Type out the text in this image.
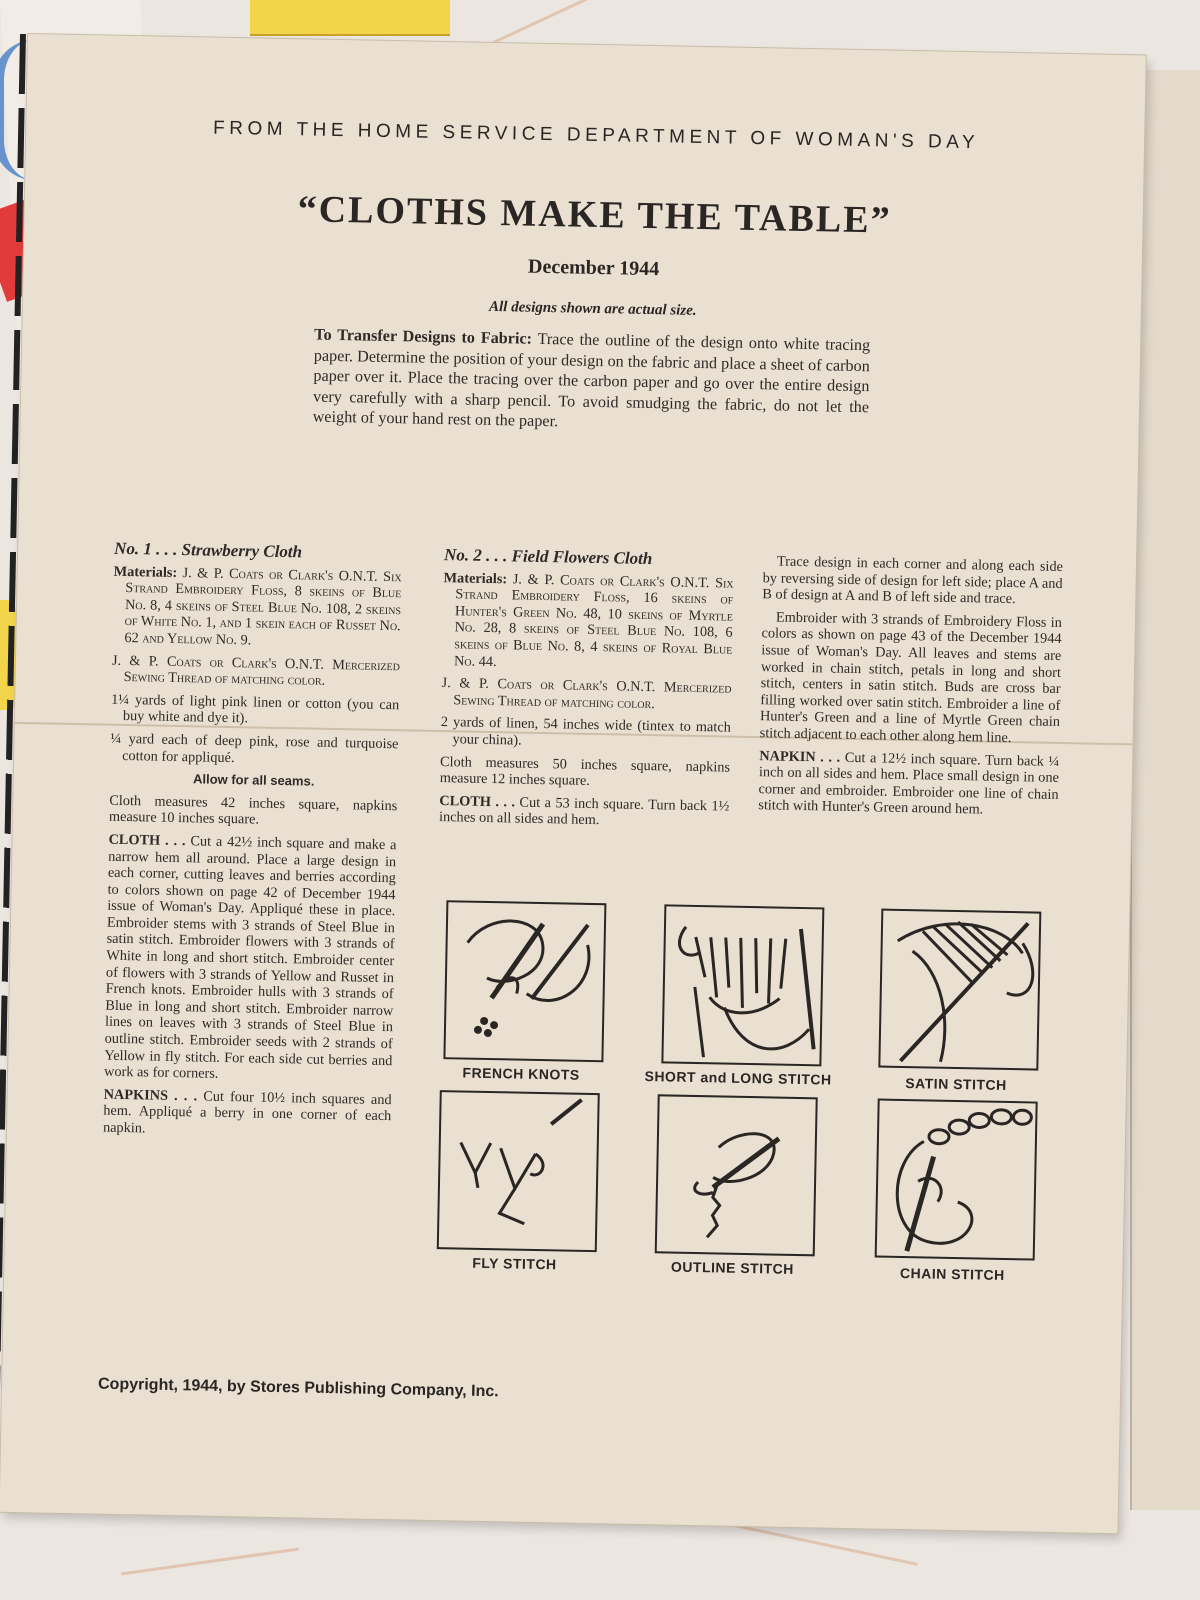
FROM THE HOME SERVICE DEPARTMENT OF WOMAN'S DAY
“CLOTHS MAKE THE TABLE”
December 1944
All designs shown are actual size.
To Transfer Designs to Fabric: Trace the outline of the design onto white tracing paper. Determine the position of your design on the fabric and place a sheet of carbon paper over it. Place the tracing over the carbon paper and go over the entire design very carefully with a sharp pencil. To avoid smudging the fabric, do not let the weight of your hand rest on the paper.

No. 1 . . . Strawberry Cloth

Materials: J. & P. Coats or Clark's O.N.T. Six Strand Embroidery Floss, 8 skeins of Blue No. 8, 4 skeins of Steel Blue No. 108, 2 skeins of White No. 1, and 1 skein each of Russet No. 62 and Yellow No. 9.

J. & P. Coats or Clark's O.N.T. Mercerized Sewing Thread of matching color.

1¼ yards of light pink linen or cotton (you can buy white and dye it).

¼ yard each of deep pink, rose and turquoise cotton for appliqué.

Allow for all seams.

Cloth measures 42 inches square, napkins measure 10 inches square.

CLOTH . . . Cut a 42½ inch square and make a narrow hem all around. Place a large design in each corner, cutting leaves and berries according to colors shown on page 42 of December 1944 issue of Woman's Day. Appliqué these in place. Embroider stems with 3 strands of Steel Blue in satin stitch. Embroider flowers with 3 strands of White in long and short stitch. Embroider center of flowers with 3 strands of Yellow and Russet in French knots. Embroider hulls with 3 strands of Blue in long and short stitch. Embroider narrow lines on leaves with 3 strands of Steel Blue in outline stitch. Embroider seeds with 2 strands of Yellow in fly stitch. For each side cut berries and work as for corners.

NAPKINS . . . Cut four 10½ inch squares and hem. Appliqué a berry in one corner of each napkin.

No. 2 . . . Field Flowers Cloth

Materials: J. & P. Coats or Clark's O.N.T. Six Strand Embroidery Floss, 16 skeins of Hunter's Green No. 48, 10 skeins of Myrtle No. 28, 8 skeins of Steel Blue No. 108, 6 skeins of Blue No. 8, 4 skeins of Royal Blue No. 44.

J. & P. Coats or Clark's O.N.T. Mercerized Sewing Thread of matching color.

2 yards of linen, 54 inches wide (tintex to match your china).

Cloth measures 50 inches square, napkins measure 12 inches square.

CLOTH . . . Cut a 53 inch square. Turn back 1½ inches on all sides and hem.

Trace design in each corner and along each side by reversing side of design for left side; place A and B of design at A and B of left side and trace.

Embroider with 3 strands of Embroidery Floss in colors as shown on page 43 of the December 1944 issue of Woman's Day. All leaves and stems are worked in chain stitch, petals in long and short stitch, centers in satin stitch. Buds are cross bar filling worked over satin stitch. Embroider a line of Hunter's Green and a line of Myrtle Green chain stitch adjacent to each other along hem line.

NAPKIN . . . Cut a 12½ inch square. Turn back ¼ inch on all sides and hem. Place small design in one corner and embroider. Embroider one line of chain stitch with Hunter's Green around hem.

FRENCH KNOTS	SHORT and LONG STITCH	SATIN STITCH
FLY STITCH	OUTLINE STITCH	CHAIN STITCH
Copyright, 1944, by Stores Publishing Company, Inc.
